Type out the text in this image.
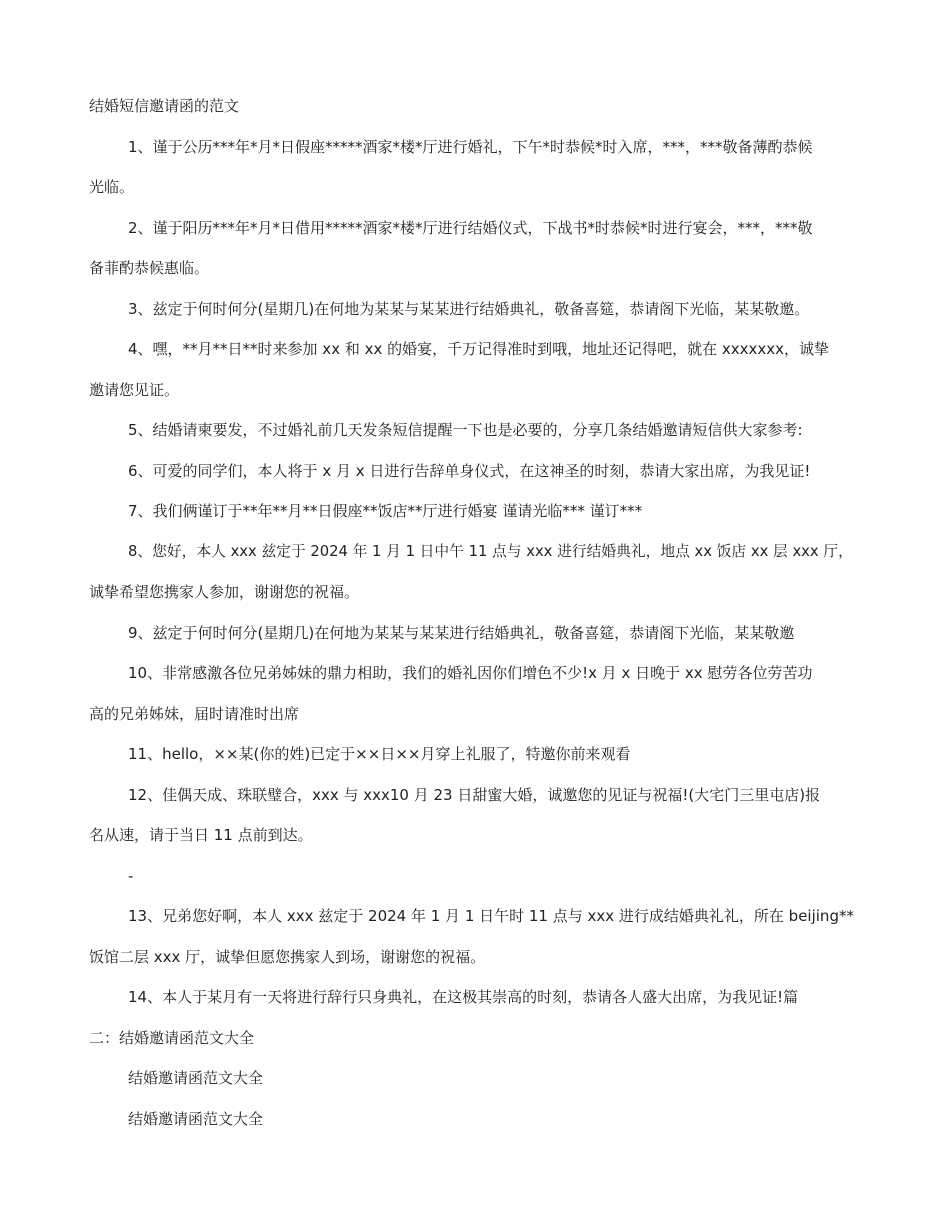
结婚短信邀请函的范文

1、谨于公历***年*月*日假座*****酒家*楼*厅进行婚礼，下午*时恭候*时入席，***，***敬备薄酌恭候

光临。

2、谨于阳历***年*月*日借用*****酒家*楼*厅进行结婚仪式，下战书*时恭候*时进行宴会，***，***敬

备菲酌恭候惠临。

3、兹定于何时何分(星期几)在何地为某某与某某进行结婚典礼，敬备喜筵，恭请阁下光临，某某敬邀。

4、嘿，**月**日**时来参加 xx 和 xx 的婚宴，千万记得准时到哦，地址还记得吧，就在 xxxxxxx，诚挚

邀请您见证。

5、结婚请柬要发，不过婚礼前几天发条短信提醒一下也是必要的，分享几条结婚邀请短信供大家参考:

6、可爱的同学们，本人将于 x 月 x 日进行告辞单身仪式，在这神圣的时刻，恭请大家出席，为我见证!

7、我们俩谨订于**年**月**日假座**饭店**厅进行婚宴 谨请光临*** 谨订***

8、您好，本人 xxx 兹定于 2024 年 1 月 1 日中午 11 点与 xxx 进行结婚典礼，地点 xx 饭店 xx 层 xxx 厅，

诚挚希望您携家人参加，谢谢您的祝福。

9、兹定于何时何分(星期几)在何地为某某与某某进行结婚典礼，敬备喜筵，恭请阁下光临，某某敬邀

10、非常感激各位兄弟姊妹的鼎力相助，我们的婚礼因你们增色不少!x 月 x 日晚于 xx 慰劳各位劳苦功

高的兄弟姊妹，届时请准时出席

11、hello，××某(你的姓)已定于××日××月穿上礼服了，特邀你前来观看

12、佳偶天成、珠联璧合，xxx 与 xxx10 月 23 日甜蜜大婚，诚邀您的见证与祝福!(大宅门三里屯店)报

名从速，请于当日 11 点前到达。

-

13、兄弟您好啊，本人 xxx 兹定于 2024 年 1 月 1 日午时 11 点与 xxx 进行成结婚典礼礼，所在 beijing**

饭馆二层 xxx 厅，诚挚但愿您携家人到场，谢谢您的祝福。

14、本人于某月有一天将进行辞行只身典礼，在这极其崇高的时刻，恭请各人盛大出席，为我见证!篇

二：结婚邀请函范文大全

结婚邀请函范文大全

结婚邀请函范文大全
